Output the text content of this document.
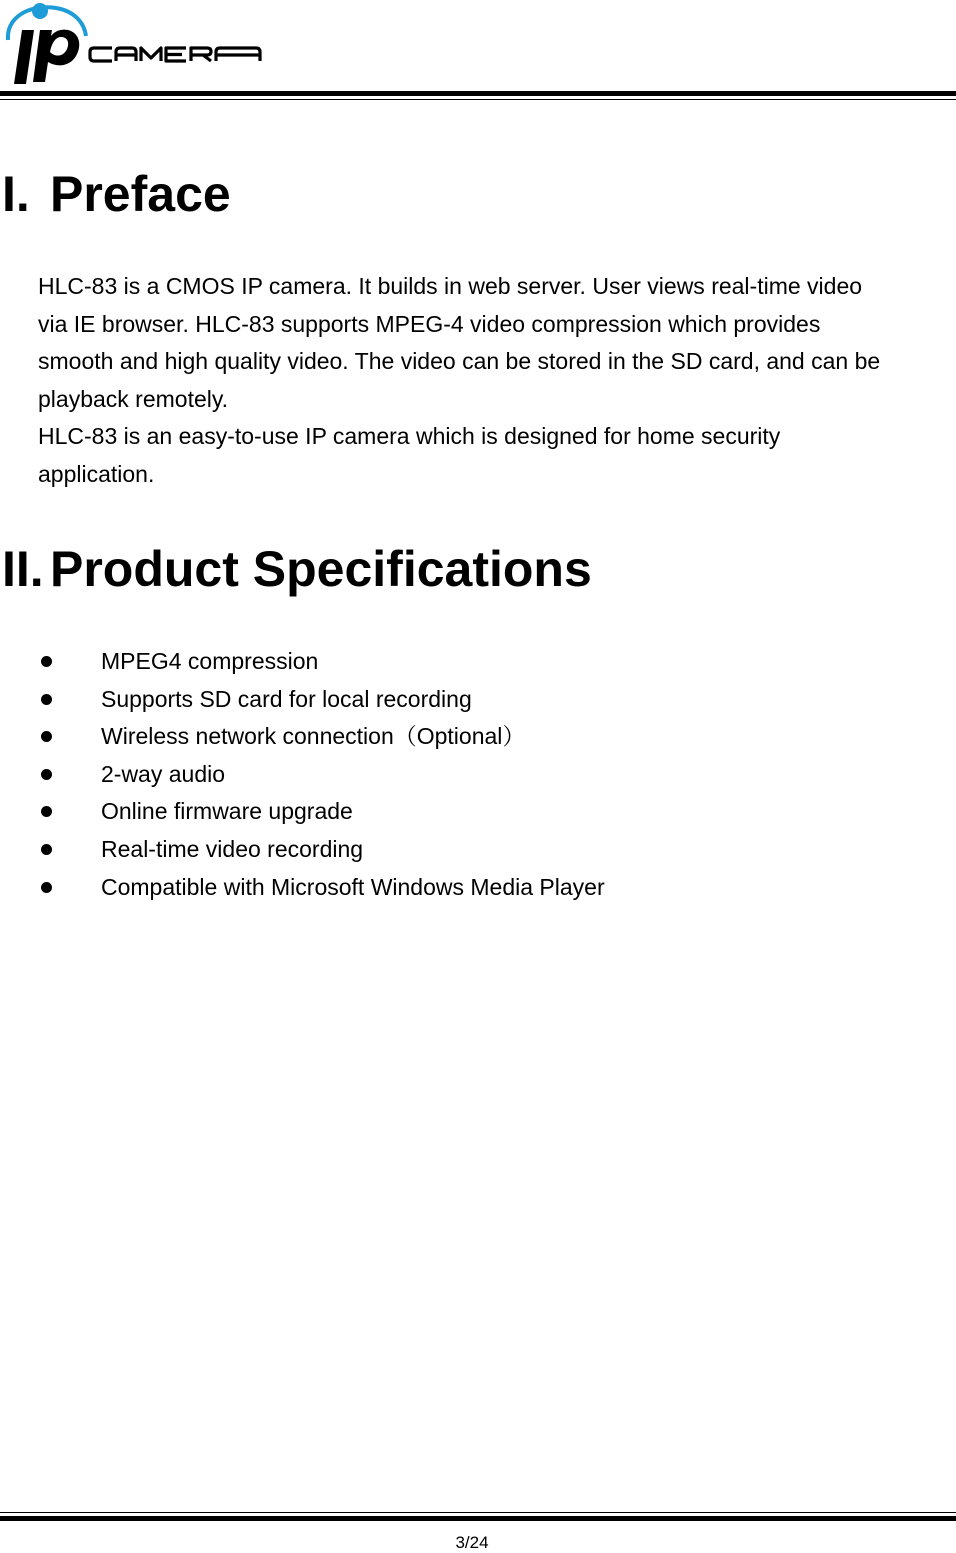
I. Preface
HLC-83 is a CMOS IP camera. It builds in web server. User views real-time video
via IE browser. HLC-83 supports MPEG-4 video compression which provides
smooth and high quality video. The video can be stored in the SD card, and can be
playback remotely.
HLC-83 is an easy-to-use IP camera which is designed for home security
application.
II. Product Specifications
MPEG4 compression
Supports SD card for local recording
Wireless network connection（Optional）
2-way audio
Online firmware upgrade
Real-time video recording
Compatible with Microsoft Windows Media Player
3/24
